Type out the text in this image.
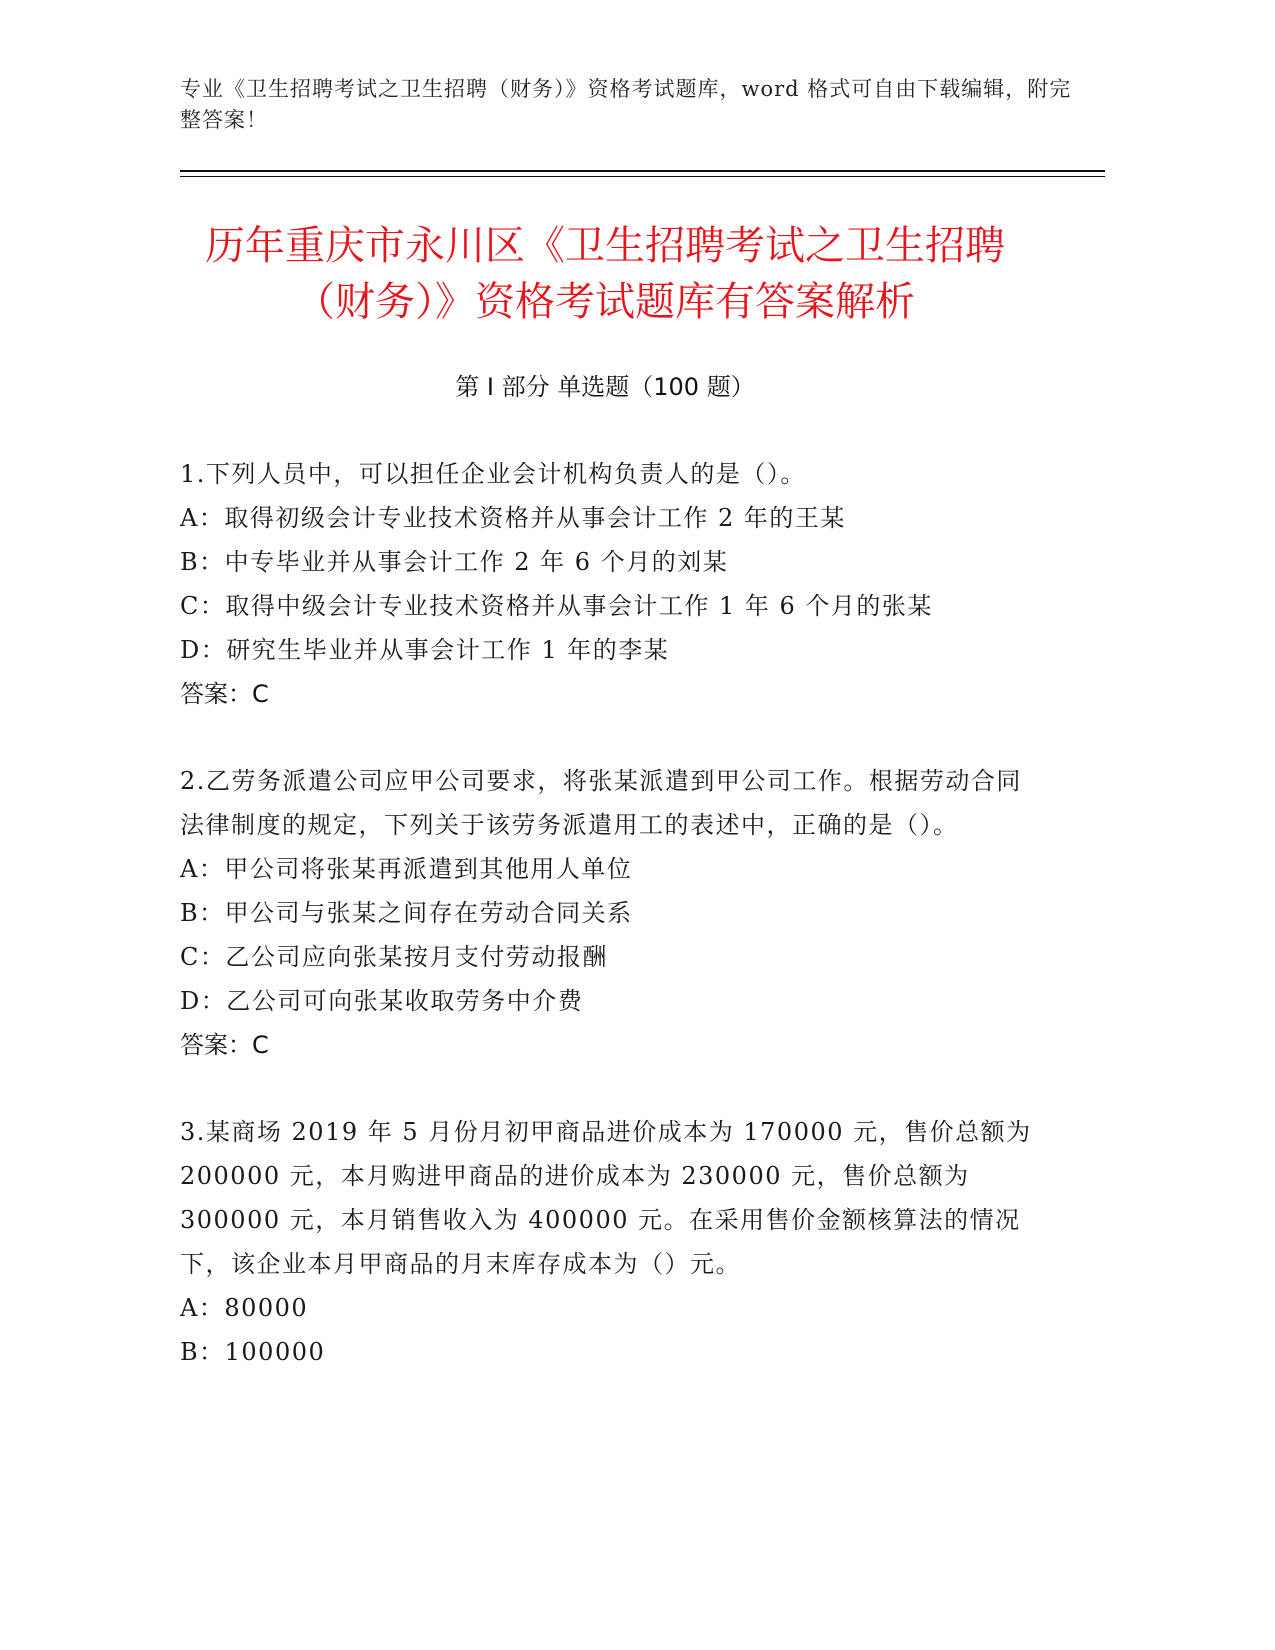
专业《卫生招聘考试之卫生招聘（财务）》资格考试题库，word 格式可自由下载编辑，附完整答案！
历年重庆市永川区《卫生招聘考试之卫生招聘（财务）》资格考试题库有答案解析
第 I 部分 单选题（100 题）

1.下列人员中，可以担任企业会计机构负责人的是（）。

A：取得初级会计专业技术资格并从事会计工作 2 年的王某

B：中专毕业并从事会计工作 2 年 6 个月的刘某

C：取得中级会计专业技术资格并从事会计工作 1 年 6 个月的张某

D：研究生毕业并从事会计工作 1 年的李某

答案：C

2.乙劳务派遣公司应甲公司要求，将张某派遣到甲公司工作。根据劳动合同法律制度的规定，下列关于该劳务派遣用工的表述中，正确的是（）。

A：甲公司将张某再派遣到其他用人单位

B：甲公司与张某之间存在劳动合同关系

C：乙公司应向张某按月支付劳动报酬

D：乙公司可向张某收取劳务中介费

答案：C

3.某商场 2019 年 5 月份月初甲商品进价成本为 170000 元，售价总额为 200000 元，本月购进甲商品的进价成本为 230000 元，售价总额为 300000 元，本月销售收入为 400000 元。在采用售价金额核算法的情况下，该企业本月甲商品的月末库存成本为（）元。

A：80000

B：100000
